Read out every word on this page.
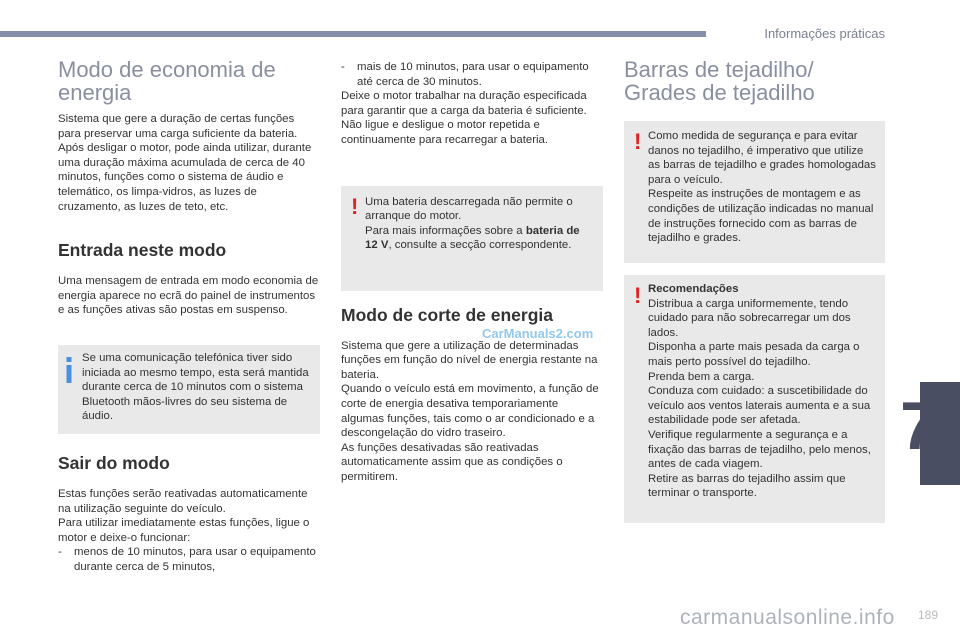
Informações práticas
7
Modo de economia de energia

Sistema que gere a duração de certas funções para preservar uma carga suficiente da bateria.
Após desligar o motor, pode ainda utilizar, durante uma duração máxima acumulada de cerca de 40 minutos, funções como o sistema de áudio e telemático, os limpa-vidros, as luzes de cruzamento, as luzes de teto, etc.

Entrada neste modo

Uma mensagem de entrada em modo economia de energia aparece no ecrã do painel de instrumentos e as funções ativas são postas em suspenso.

Se uma comunicação telefónica tiver sido iniciada ao mesmo tempo, esta será mantida durante cerca de 10 minutos com o sistema Bluetooth mãos-livres do seu sistema de áudio.

Sair do modo

Estas funções serão reativadas automaticamente na utilização seguinte do veículo.
Para utilizar imediatamente estas funções, ligue o motor e deixe-o funcionar:

-	menos de 10 minutos, para usar o equipamento durante cerca de 5 minutos,
-	mais de 10 minutos, para usar o equipamento até cerca de 30 minutos.

Deixe o motor trabalhar na duração especificada para garantir que a carga da bateria é suficiente.
Não ligue e desligue o motor repetida e continuamente para recarregar a bateria.

! Uma bateria descarregada não permite o arranque do motor.
Para mais informações sobre a bateria de 12 V, consulte a secção correspondente.

Modo de corte de energia

Sistema que gere a utilização de determinadas funções em função do nível de energia restante na bateria.
Quando o veículo está em movimento, a função de corte de energia desativa temporariamente algumas funções, tais como o ar condicionado e a descongelação do vidro traseiro.
As funções desativadas são reativadas automaticamente assim que as condições o permitirem.

Barras de tejadilho/ Grades de tejadilho
! Como medida de segurança e para evitar danos no tejadilho, é imperativo que utilize as barras de tejadilho e grades homologadas para o veículo.
Respeite as instruções de montagem e as condições de utilização indicadas no manual de instruções fornecido com as barras de tejadilho e grades.

! Recomendações

Distribua a carga uniformemente, tendo cuidado para não sobrecarregar um dos lados.
Disponha a parte mais pesada da carga o mais perto possível do tejadilho.
Prenda bem a carga.
Conduza com cuidado: a suscetibilidade do veículo aos ventos laterais aumenta e a sua estabilidade pode ser afetada.
Verifique regularmente a segurança e a fixação das barras de tejadilho, pelo menos, antes de cada viagem.
Retire as barras do tejadilho assim que terminar o transporte.

CarManuals2.com
carmanualsonline.info 189
